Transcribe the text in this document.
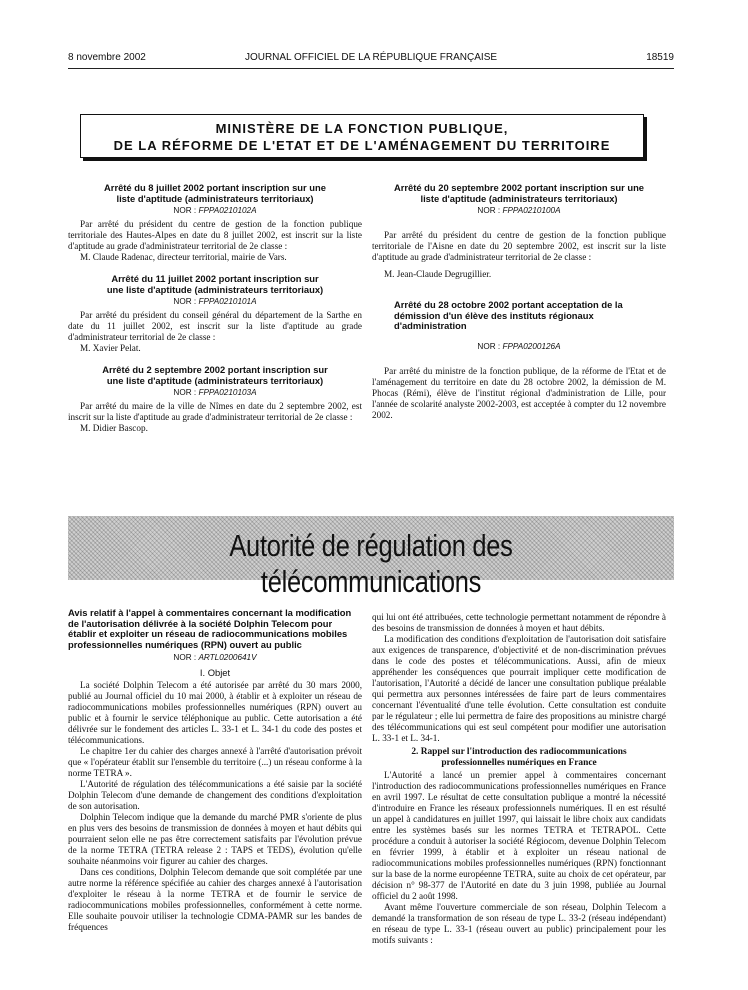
8 novembre 2002	JOURNAL OFFICIEL DE LA RÉPUBLIQUE FRANÇAISE	18519
MINISTÈRE DE LA FONCTION PUBLIQUE,
DE LA RÉFORME DE L'ETAT ET DE L'AMÉNAGEMENT DU TERRITOIRE
Arrêté du 8 juillet 2002 portant inscription sur une liste d'aptitude (administrateurs territoriaux)
NOR : FPPA0210102A

Par arrêté du président du centre de gestion de la fonction publique territoriale des Hautes-Alpes en date du 8 juillet 2002, est inscrit sur la liste d'aptitude au grade d'administrateur territorial de 2e classe :

M. Claude Radenac, directeur territorial, mairie de Vars.

Arrêté du 11 juillet 2002 portant inscription sur une liste d'aptitude (administrateurs territoriaux)
NOR : FPPA0210101A

Par arrêté du président du conseil général du département de la Sarthe en date du 11 juillet 2002, est inscrit sur la liste d'aptitude au grade d'administrateur territorial de 2e classe :

M. Xavier Pelat.

Arrêté du 2 septembre 2002 portant inscription sur une liste d'aptitude (administrateurs territoriaux)
NOR : FPPA0210103A

Par arrêté du maire de la ville de Nîmes en date du 2 septembre 2002, est inscrit sur la liste d'aptitude au grade d'administrateur territorial de 2e classe :

M. Didier Bascop.

Arrêté du 20 septembre 2002 portant inscription sur une liste d'aptitude (administrateurs territoriaux)
NOR : FPPA0210100A

Par arrêté du président du centre de gestion de la fonction publique territoriale de l'Aisne en date du 20 septembre 2002, est inscrit sur la liste d'aptitude au grade d'administrateur territorial de 2e classe :

M. Jean-Claude Degrugillier.

Arrêté du 28 octobre 2002 portant acceptation de la démission d'un élève des instituts régionaux d'administration
NOR : FPPA0200126A

Par arrêté du ministre de la fonction publique, de la réforme de l'Etat et de l'aménagement du territoire en date du 28 octobre 2002, la démission de M. Phocas (Rémi), élève de l'institut régional d'administration de Lille, pour l'année de scolarité analyste 2002-2003, est acceptée à compter du 12 novembre 2002.

Autorité de régulation des télécommunications
Avis relatif à l'appel à commentaires concernant la modification de l'autorisation délivrée à la société Dolphin Telecom pour établir et exploiter un réseau de radiocommunications mobiles professionnelles numériques (RPN) ouvert au public
NOR : ARTL0200641V
I. Objet

La société Dolphin Telecom a été autorisée par arrêté du 30 mars 2000, publié au Journal officiel du 10 mai 2000, à établir et à exploiter un réseau de radiocommunications mobiles professionnelles numériques (RPN) ouvert au public et à fournir le service téléphonique au public. Cette autorisation a été délivrée sur le fondement des articles L. 33-1 et L. 34-1 du code des postes et télécommunications.

Le chapitre 1er du cahier des charges annexé à l'arrêté d'autorisation prévoit que « l'opérateur établit sur l'ensemble du territoire (...) un réseau conforme à la norme TETRA ».

L'Autorité de régulation des télécommunications a été saisie par la société Dolphin Telecom d'une demande de changement des conditions d'exploitation de son autorisation.

Dolphin Telecom indique que la demande du marché PMR s'oriente de plus en plus vers des besoins de transmission de données à moyen et haut débits qui pourraient selon elle ne pas être correctement satisfaits par l'évolution prévue de la norme TETRA (TETRA release 2 : TAPS et TEDS), évolution qu'elle souhaite néanmoins voir figurer au cahier des charges.

Dans ces conditions, Dolphin Telecom demande que soit complétée par une autre norme la référence spécifiée au cahier des charges annexé à l'autorisation d'exploiter le réseau à la norme TETRA et de fournir le service de radiocommunications mobiles professionnelles, conformément à cette norme. Elle souhaite pouvoir utiliser la technologie CDMA-PAMR sur les bandes de fréquences

qui lui ont été attribuées, cette technologie permettant notamment de répondre à des besoins de transmission de données à moyen et haut débits.

La modification des conditions d'exploitation de l'autorisation doit satisfaire aux exigences de transparence, d'objectivité et de non-discrimination prévues dans le code des postes et télécommunications. Aussi, afin de mieux appréhender les conséquences que pourrait impliquer cette modification de l'autorisation, l'Autorité a décidé de lancer une consultation publique préalable qui permettra aux personnes intéressées de faire part de leurs commentaires concernant l'éventualité d'une telle évolution. Cette consultation est conduite par le régulateur ; elle lui permettra de faire des propositions au ministre chargé des télécommunications qui est seul compétent pour modifier une autorisation L. 33-1 et L. 34-1.

2. Rappel sur l'introduction des radiocommunications professionnelles numériques en France

L'Autorité a lancé un premier appel à commentaires concernant l'introduction des radiocommunications professionnelles numériques en France en avril 1997. Le résultat de cette consultation publique a montré la nécessité d'introduire en France les réseaux professionnels numériques. Il en est résulté un appel à candidatures en juillet 1997, qui laissait le libre choix aux candidats entre les systèmes basés sur les normes TETRA et TETRAPOL. Cette procédure a conduit à autoriser la société Régiocom, devenue Dolphin Telecom en février 1999, à établir et à exploiter un réseau national de radiocommunications mobiles professionnelles numériques (RPN) fonctionnant sur la base de la norme européenne TETRA, suite au choix de cet opérateur, par décision n° 98-377 de l'Autorité en date du 3 juin 1998, publiée au Journal officiel du 2 août 1998.

Avant même l'ouverture commerciale de son réseau, Dolphin Telecom a demandé la transformation de son réseau de type L. 33-2 (réseau indépendant) en réseau de type L. 33-1 (réseau ouvert au public) principalement pour les motifs suivants :
